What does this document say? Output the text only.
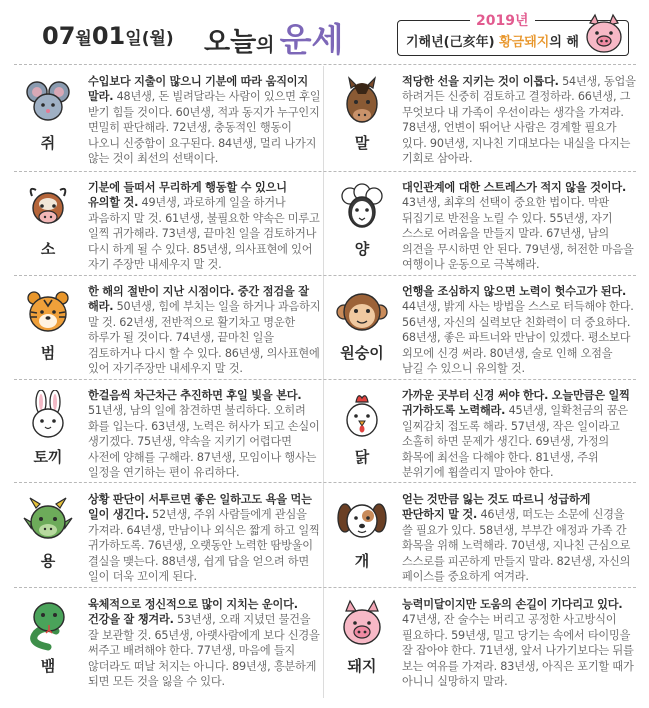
07월01일(월) 오늘의 운세	2019년
기해년(己亥年) 황금돼지의 해
쥐
수입보다 지출이 많으니 기분에 따라 움직이지 말라. 48년생, 돈 빌려달라는 사람이 있으면 후일 받기 힘들 것이다. 60년생, 적과 동지가 누구인지 면밀히 판단해라. 72년생, 충동적인 행동이 나오니 신중함이 요구된다. 84년생, 멀리 나가지 않는 것이 최선의 선택이다.
소
기분에 들떠서 무리하게 행동할 수 있으니 유의할 것. 49년생, 과로하게 일을 하거나 과음하지 말 것. 61년생, 불필요한 약속은 미루고 일찍 귀가해라. 73년생, 끝마친 일을 검토하거나 다시 하게 될 수 있다. 85년생, 의사표현에 있어 자기 주장만 내세우지 말 것.
범
한 해의 절반이 지난 시점이다. 중간 점검을 잘 해라. 50년생, 힘에 부치는 일을 하거나 과음하지 말 것. 62년생, 전반적으로 활기차고 명운한 하루가 될 것이다. 74년생, 끝마친 일을 검토하거나 다시 할 수 있다. 86년생, 의사표현에 있어 자기주장만 내세우지 말 것.
토끼
한걸음씩 차근차근 추진하면 후일 빛을 본다. 51년생, 남의 일에 참견하면 불리하다. 오히려 화를 입는다. 63년생, 노력은 허사가 되고 손실이 생기겠다. 75년생, 약속을 지키기 어렵다면 사전에 양해를 구해라. 87년생, 모임이나 행사는 일정을 연기하는 편이 유리하다.
용
상황 판단이 서투르면 좋은 일하고도 욕을 먹는 일이 생긴다. 52년생, 주위 사람들에게 관심을 가져라. 64년생, 만남이나 외식은 짧게 하고 일찍 귀가하도록. 76년생, 오랫동안 노력한 땀방울이 결실을 맺는다. 88년생, 쉽게 답을 얻으려 하면 일이 더욱 꼬이게 된다.
뱀
육체적으로 정신적으로 많이 지치는 운이다. 건강을 잘 챙겨라. 53년생, 오래 지녔던 물건을 잘 보관할 것. 65년생, 아랫사람에게 보다 신경을 써주고 배려해야 한다. 77년생, 마음에 들지 않더라도 떠날 처지는 아니다. 89년생, 흥분하게 되면 모든 것을 잃을 수 있다.
말
적당한 선을 지키는 것이 이롭다. 54년생, 동업을 하려거든 신중히 검토하고 결정하라. 66년생, 그 무엇보다 내 가족이 우선이라는 생각을 가져라. 78년생, 언변이 뛰어난 사람은 경계할 필요가 있다. 90년생, 지나친 기대보다는 내실을 다지는 기회로 삼아라.
양
대인관계에 대한 스트레스가 적지 않을 것이다. 43년생, 최후의 선택이 중요한 법이다. 막판 뒤집기로 반전을 노릴 수 있다. 55년생, 자기 스스로 어려움을 만들지 말라. 67년생, 남의 의견을 무시하면 안 된다. 79년생, 허전한 마음을 여행이나 운동으로 극복해라.
원숭이
언행을 조심하지 않으면 노력이 헛수고가 된다. 44년생, 밝게 사는 방법을 스스로 터득해야 한다. 56년생, 자신의 실력보단 친화력이 더 중요하다. 68년생, 좋은 파트너와 만남이 있겠다. 평소보다 외모에 신경 써라. 80년생, 술로 인해 오점을 남길 수 있으니 유의할 것.
닭
가까운 곳부터 신경 써야 한다. 오늘만큼은 일찍 귀가하도록 노력해라. 45년생, 일확천금의 꿈은 일찌감치 접도록 해라. 57년생, 작은 일이라고 소홀히 하면 문제가 생긴다. 69년생, 가정의 화목에 최선을 다해야 한다. 81년생, 주위 분위기에 휩쓸리지 말아야 한다.
개
얻는 것만큼 잃는 것도 따르니 성급하게 판단하지 말 것. 46년생, 떠도는 소문에 신경을 쓸 필요가 있다. 58년생, 부부간 애정과 가족 간 화목을 위해 노력해라. 70년생, 지나친 근심으로 스스로를 피곤하게 만들지 말라. 82년생, 자신의 페이스를 중요하게 여겨라.
돼지
능력미달이지만 도움의 손길이 기다리고 있다. 47년생, 잔 술수는 버리고 공정한 사고방식이 필요하다. 59년생, 밀고 당기는 속에서 타이밍을 잘 잡아야 한다. 71년생, 앞서 나가기보다는 뒤를 보는 여유를 가져라. 83년생, 아직은 포기할 때가 아니니 실망하지 말라.
